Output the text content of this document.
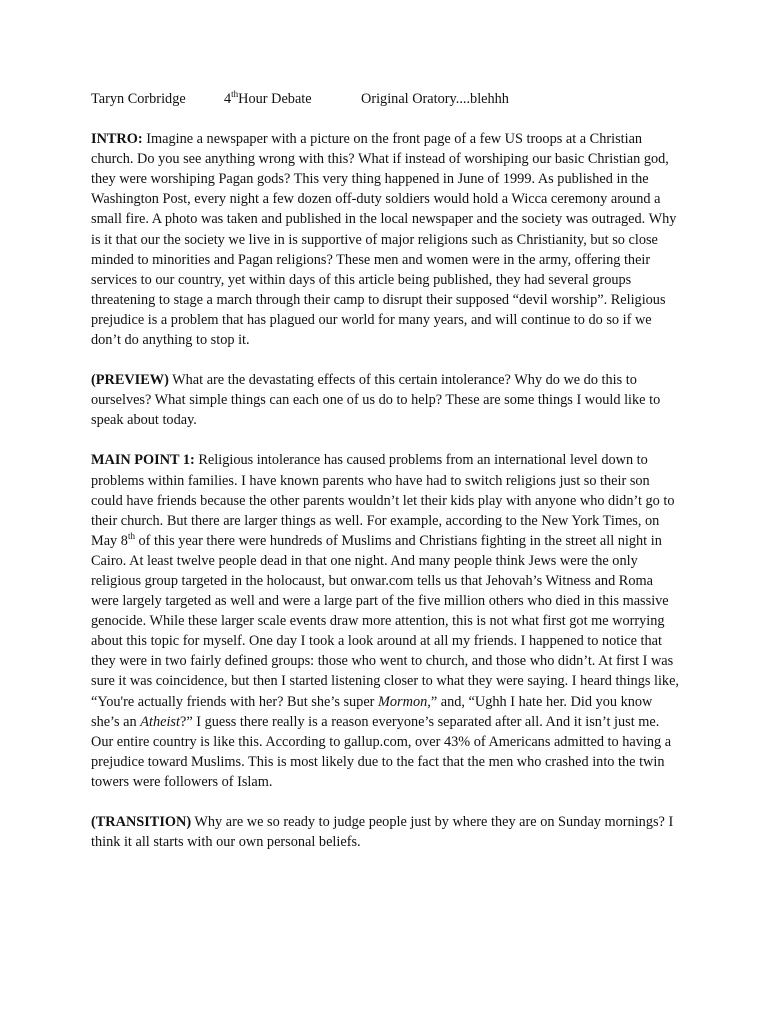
Taryn Corbridge	4thHour Debate	Original Oratory....blehhh

INTRO: Imagine a newspaper with a picture on the front page of a few US troops at a Christian church. Do you see anything wrong with this? What if instead of worshiping our basic Christian god, they were worshiping Pagan gods? This very thing happened in June of 1999. As published in the Washington Post, every night a few dozen off-duty soldiers would hold a Wicca ceremony around a small fire. A photo was taken and published in the local newspaper and the society was outraged. Why is it that our the society we live in is supportive of major religions such as Christianity, but so close minded to minorities and Pagan religions? These men and women were in the army, offering their services to our country, yet within days of this article being published, they had several groups threatening to stage a march through their camp to disrupt their supposed “devil worship”. Religious prejudice is a problem that has plagued our world for many years, and will continue to do so if we don’t do anything to stop it.

(PREVIEW) What are the devastating effects of this certain intolerance? Why do we do this to ourselves? What simple things can each one of us do to help? These are some things I would like to speak about today.

MAIN POINT 1: Religious intolerance has caused problems from an international level down to problems within families. I have known parents who have had to switch religions just so their son could have friends because the other parents wouldn’t let their kids play with anyone who didn’t go to their church. But there are larger things as well. For example, according to the New York Times, on May 8th of this year there were hundreds of Muslims and Christians fighting in the street all night in Cairo. At least twelve people dead in that one night. And many people think Jews were the only religious group targeted in the holocaust, but onwar.com tells us that Jehovah’s Witness and Roma were largely targeted as well and were a large part of the five million others who died in this massive genocide. While these larger scale events draw more attention, this is not what first got me worrying about this topic for myself. One day I took a look around at all my friends. I happened to notice that they were in two fairly defined groups: those who went to church, and those who didn’t. At first I was sure it was coincidence, but then I started listening closer to what they were saying. I heard things like, “You're actually friends with her? But she’s super Mormon,” and, “Ughh I hate her. Did you know she’s an Atheist?” I guess there really is a reason everyone’s separated after all. And it isn’t just me. Our entire country is like this. According to gallup.com, over 43% of Americans admitted to having a prejudice toward Muslims. This is most likely due to the fact that the men who crashed into the twin towers were followers of Islam.

(TRANSITION) Why are we so ready to judge people just by where they are on Sunday mornings? I think it all starts with our own personal beliefs.
